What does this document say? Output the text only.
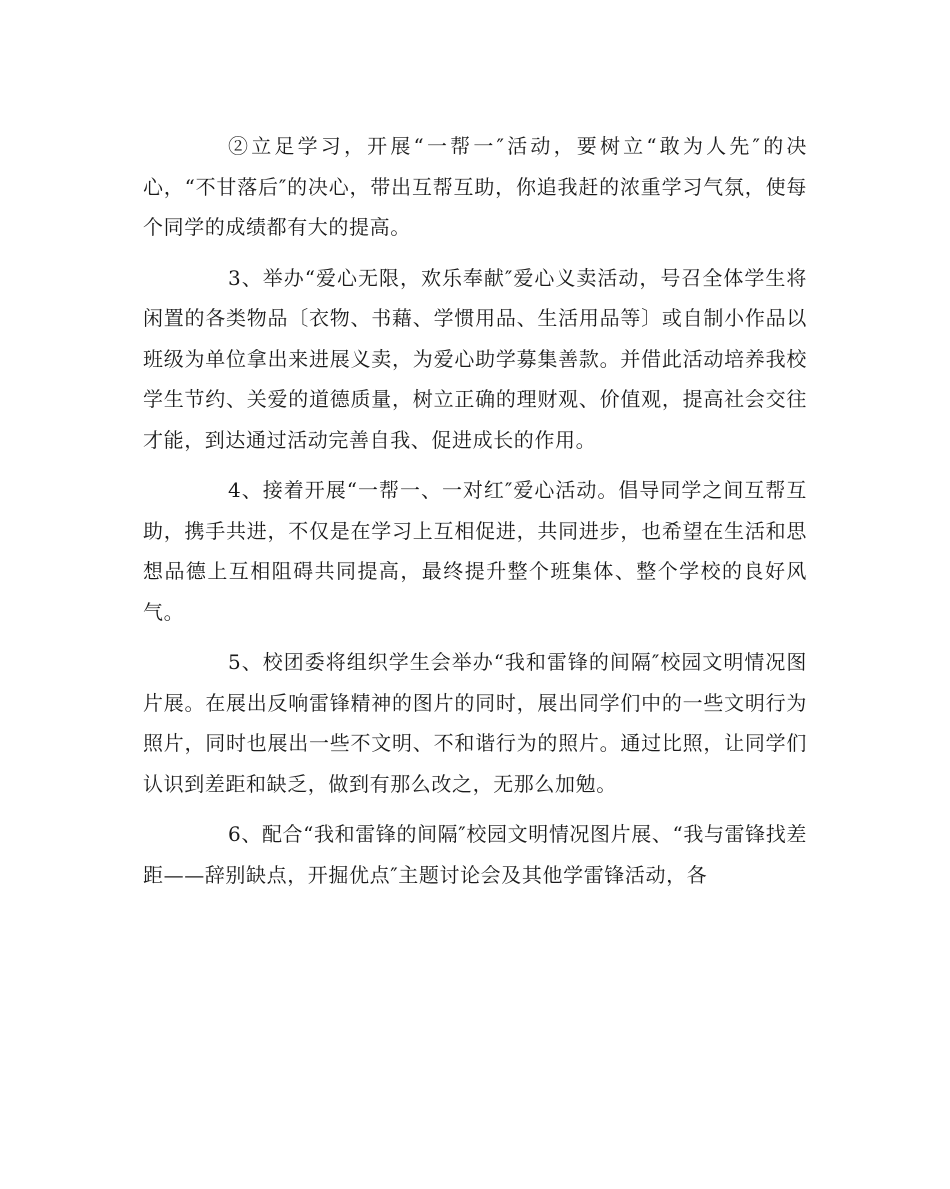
②立足学习，开展“一帮一″活动，要树立“敢为人先″的决心，“不甘落后″的决心，带出互帮互助，你追我赶的浓重学习气氛，使每个同学的成绩都有大的提高。

3、举办“爱心无限，欢乐奉献″爱心义卖活动，号召全体学生将闲置的各类物品〔衣物、书藉、学惯用品、生活用品等〕或自制小作品以班级为单位拿出来进展义卖，为爱心助学募集善款。并借此活动培养我校学生节约、关爱的道德质量，树立正确的理财观、价值观，提高社会交往才能，到达通过活动完善自我、促进成长的作用。

4、接着开展“一帮一、一对红″爱心活动。倡导同学之间互帮互助，携手共进，不仅是在学习上互相促进，共同进步，也希望在生活和思想品德上互相阻碍共同提高，最终提升整个班集体、整个学校的良好风气。

5、校团委将组织学生会举办“我和雷锋的间隔″校园文明情况图片展。在展出反响雷锋精神的图片的同时，展出同学们中的一些文明行为照片，同时也展出一些不文明、不和谐行为的照片。通过比照，让同学们认识到差距和缺乏，做到有那么改之，无那么加勉。

6、配合“我和雷锋的间隔″校园文明情况图片展、“我与雷锋找差距——辞别缺点，开掘优点″主题讨论会及其他学雷锋活动，各
